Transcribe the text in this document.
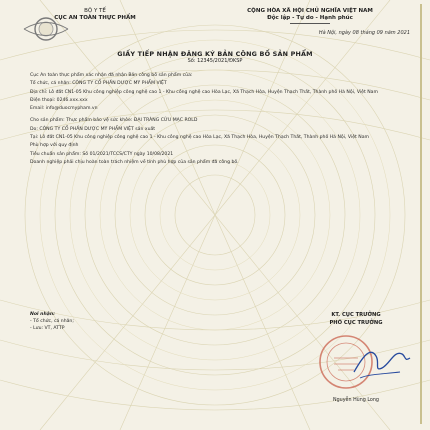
BỘ Y TẾ
CỤC AN TOÀN THỰC PHẨM
CỘNG HÒA XÃ HỘI CHỦ NGHĨA VIỆT NAM
Độc lập - Tự do - Hạnh phúc
Hà Nội, ngày 08 tháng 09 năm 2021
GIẤY TIẾP NHẬN ĐĂNG KÝ BẢN CÔNG BỐ SẢN PHẨM
Số: 12345/2021/ĐKSP

Cục An toàn thực phẩm xác nhận đã nhận Bản công bố sản phẩm của:

Tổ chức, cá nhân: CÔNG TY CỔ PHẦN DƯỢC MỸ PHẨM VIỆT

Địa chỉ: Lô đất CN1-05 Khu công nghiệp công nghệ cao 1 - Khu công nghệ cao Hòa Lạc, Xã Thạch Hòa, Huyện Thạch Thất, Thành phố Hà Nội, Việt Nam

Điện thoại: 0246.xxx.xxx

Email: info@duocmypham.vn

Cho sản phẩm: Thực phẩm bảo vệ sức khỏe: ĐẠI TRÀNG CỬU MẠC ROLD

Do: CÔNG TY CỔ PHẦN DƯỢC MỸ PHẨM VIỆT sản xuất

Tại: Lô đất CN1-05 Khu công nghiệp công nghệ cao 1 - Khu công nghệ cao Hòa Lạc, Xã Thạch Hòa, Huyện Thạch Thất, Thành phố Hà Nội, Việt Nam

Phù hợp với quy định

Tiêu chuẩn sản phẩm: Số 01/2021/TCCS/CTY ngày 10/08/2021

Doanh nghiệp phải chịu hoàn toàn trách nhiệm về tính phù hợp của sản phẩm đã công bố.

Nơi nhận:
- Tổ chức, cá nhân;
- Lưu: VT, ATTP
KT. CỤC TRƯỞNG
PHÓ CỤC TRƯỞNG
Nguyễn Hùng Long
